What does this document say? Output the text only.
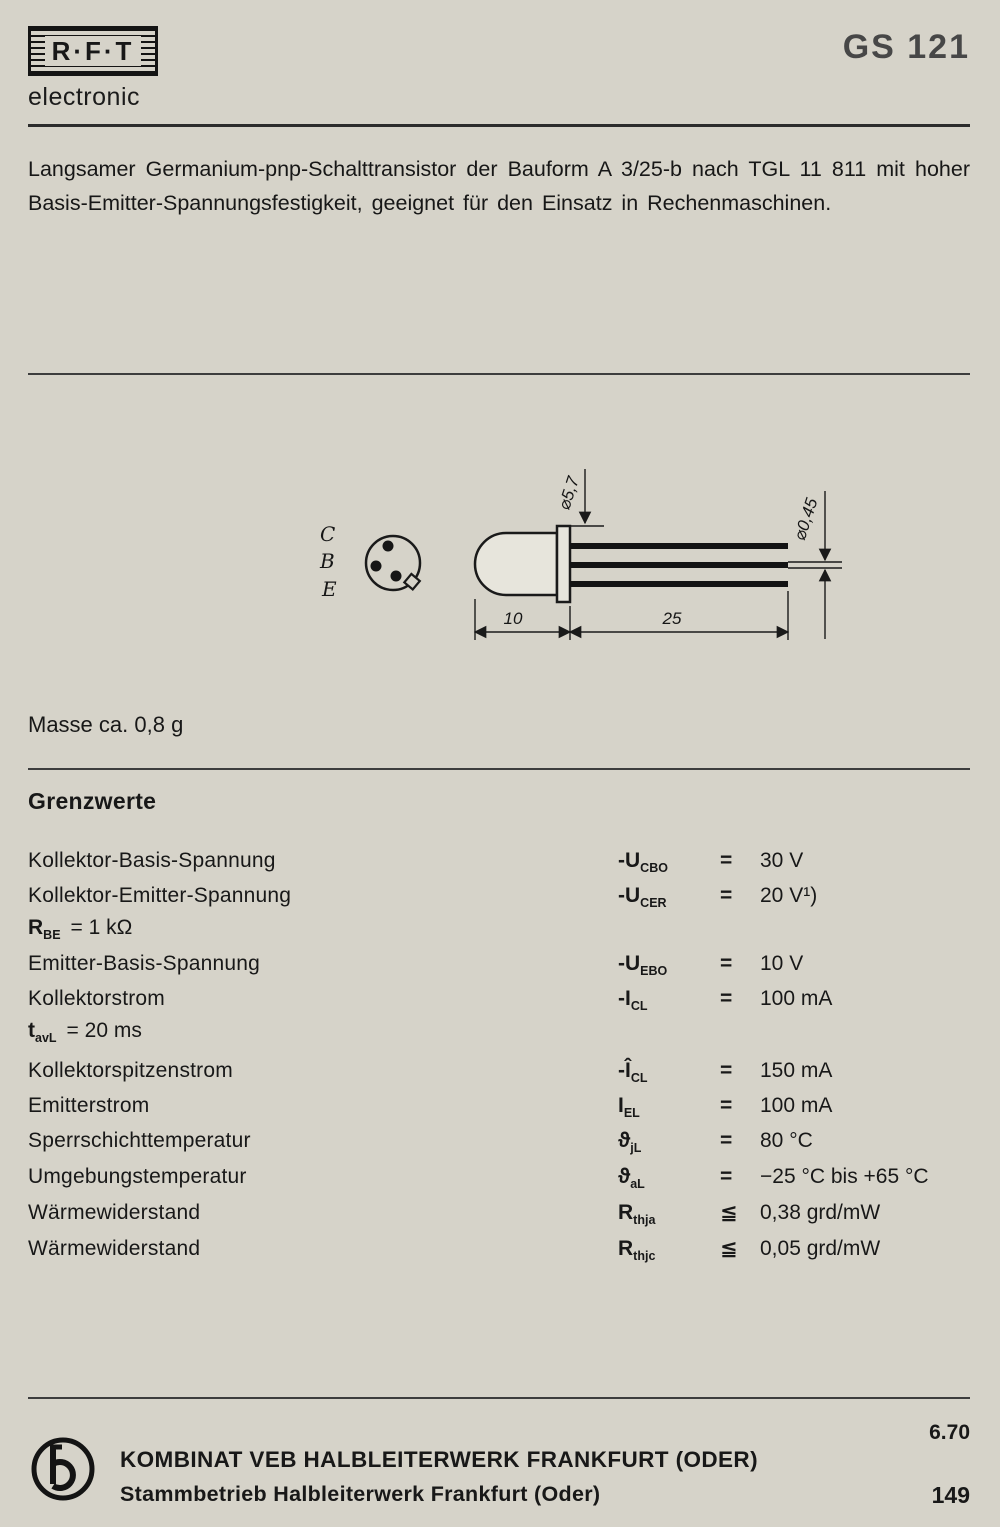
R·F·T
electronic
GS 121

Langsamer Germanium-pnp-Schalttransistor der Bauform A 3/25-b nach TGL 11 811 mit hoher Basis-Emitter-Spannungsfestigkeit, geeignet für den Einsatz in Rechenmaschinen.

C
B
E
⌀5,7
⌀0,45
10	25

Masse ca. 0,8 g

Grenzwerte
Kollektor-Basis-Spannung	$-U_{CBO}$	=	30 V
Kollektor-Emitter-Spannung	$-U_{CER}$	=	20 V¹)
$R_{BE} = 1$ kΩ
Emitter-Basis-Spannung	$-U_{EBO}$	=	10 V
Kollektorstrom	$-I_{CL}$	=	100 mA
$t_{avL} = 20$ ms
Kollektorspitzenstrom	$-Î_{CL}$	=	150 mA
Emitterstrom	$I_{EL}$	=	100 mA
Sperrschichttemperatur	$ϑ_{jL}$	=	80 °C
Umgebungstemperatur	$ϑ_{aL}$	=	−25 °C bis +65 °C
Wärmewiderstand	$R_{thja}$	≦	0,38 grd/mW
Wärmewiderstand	$R_{thjc}$	≦	0,05 grd/mW
KOMBINAT VEB HALBLEITERWERK FRANKFURT (ODER)
Stammbetrieb Halbleiterwerk Frankfurt (Oder)
6.70
149
